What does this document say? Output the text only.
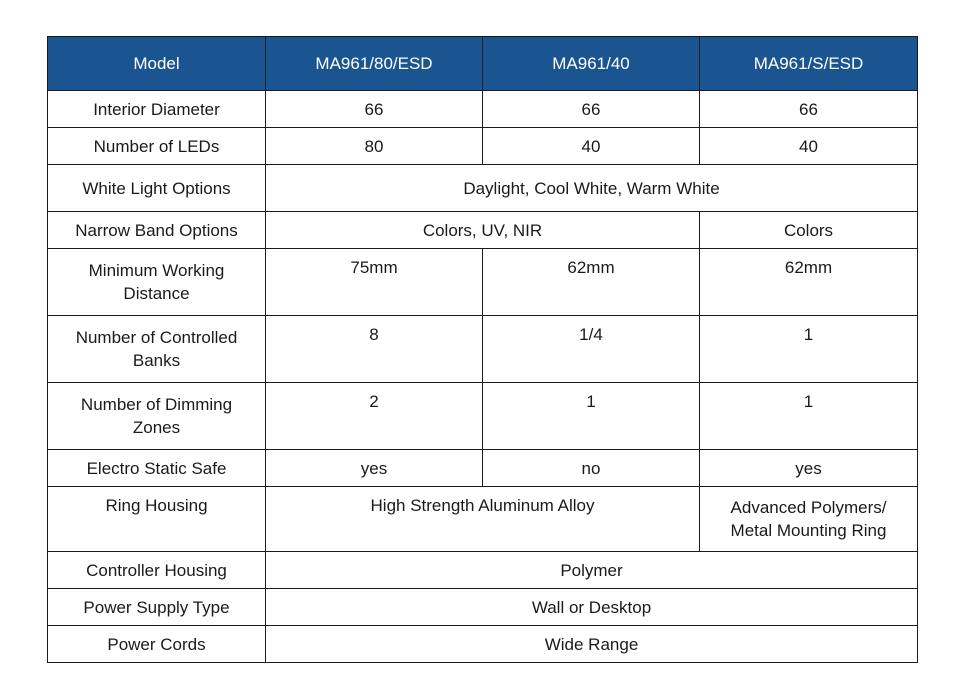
Model	MA961/80/ESD	MA961/40	MA961/S/ESD
Interior Diameter	66	66	66
Number of LEDs	80	40	40
White Light Options	Daylight, Cool White, Warm White		
Narrow Band Options	Colors, UV, NIR		Colors
Minimum Working
Distance	75mm	62mm	62mm
Number of Controlled
Banks	8	1/4	1
Number of Dimming
Zones	2	1	1
Electro Static Safe	yes	no	yes
Ring Housing	High Strength Aluminum Alloy		Advanced Polymers/
Metal Mounting Ring
Controller Housing	Polymer		
Power Supply Type	Wall or Desktop		
Power Cords	Wide Range		
